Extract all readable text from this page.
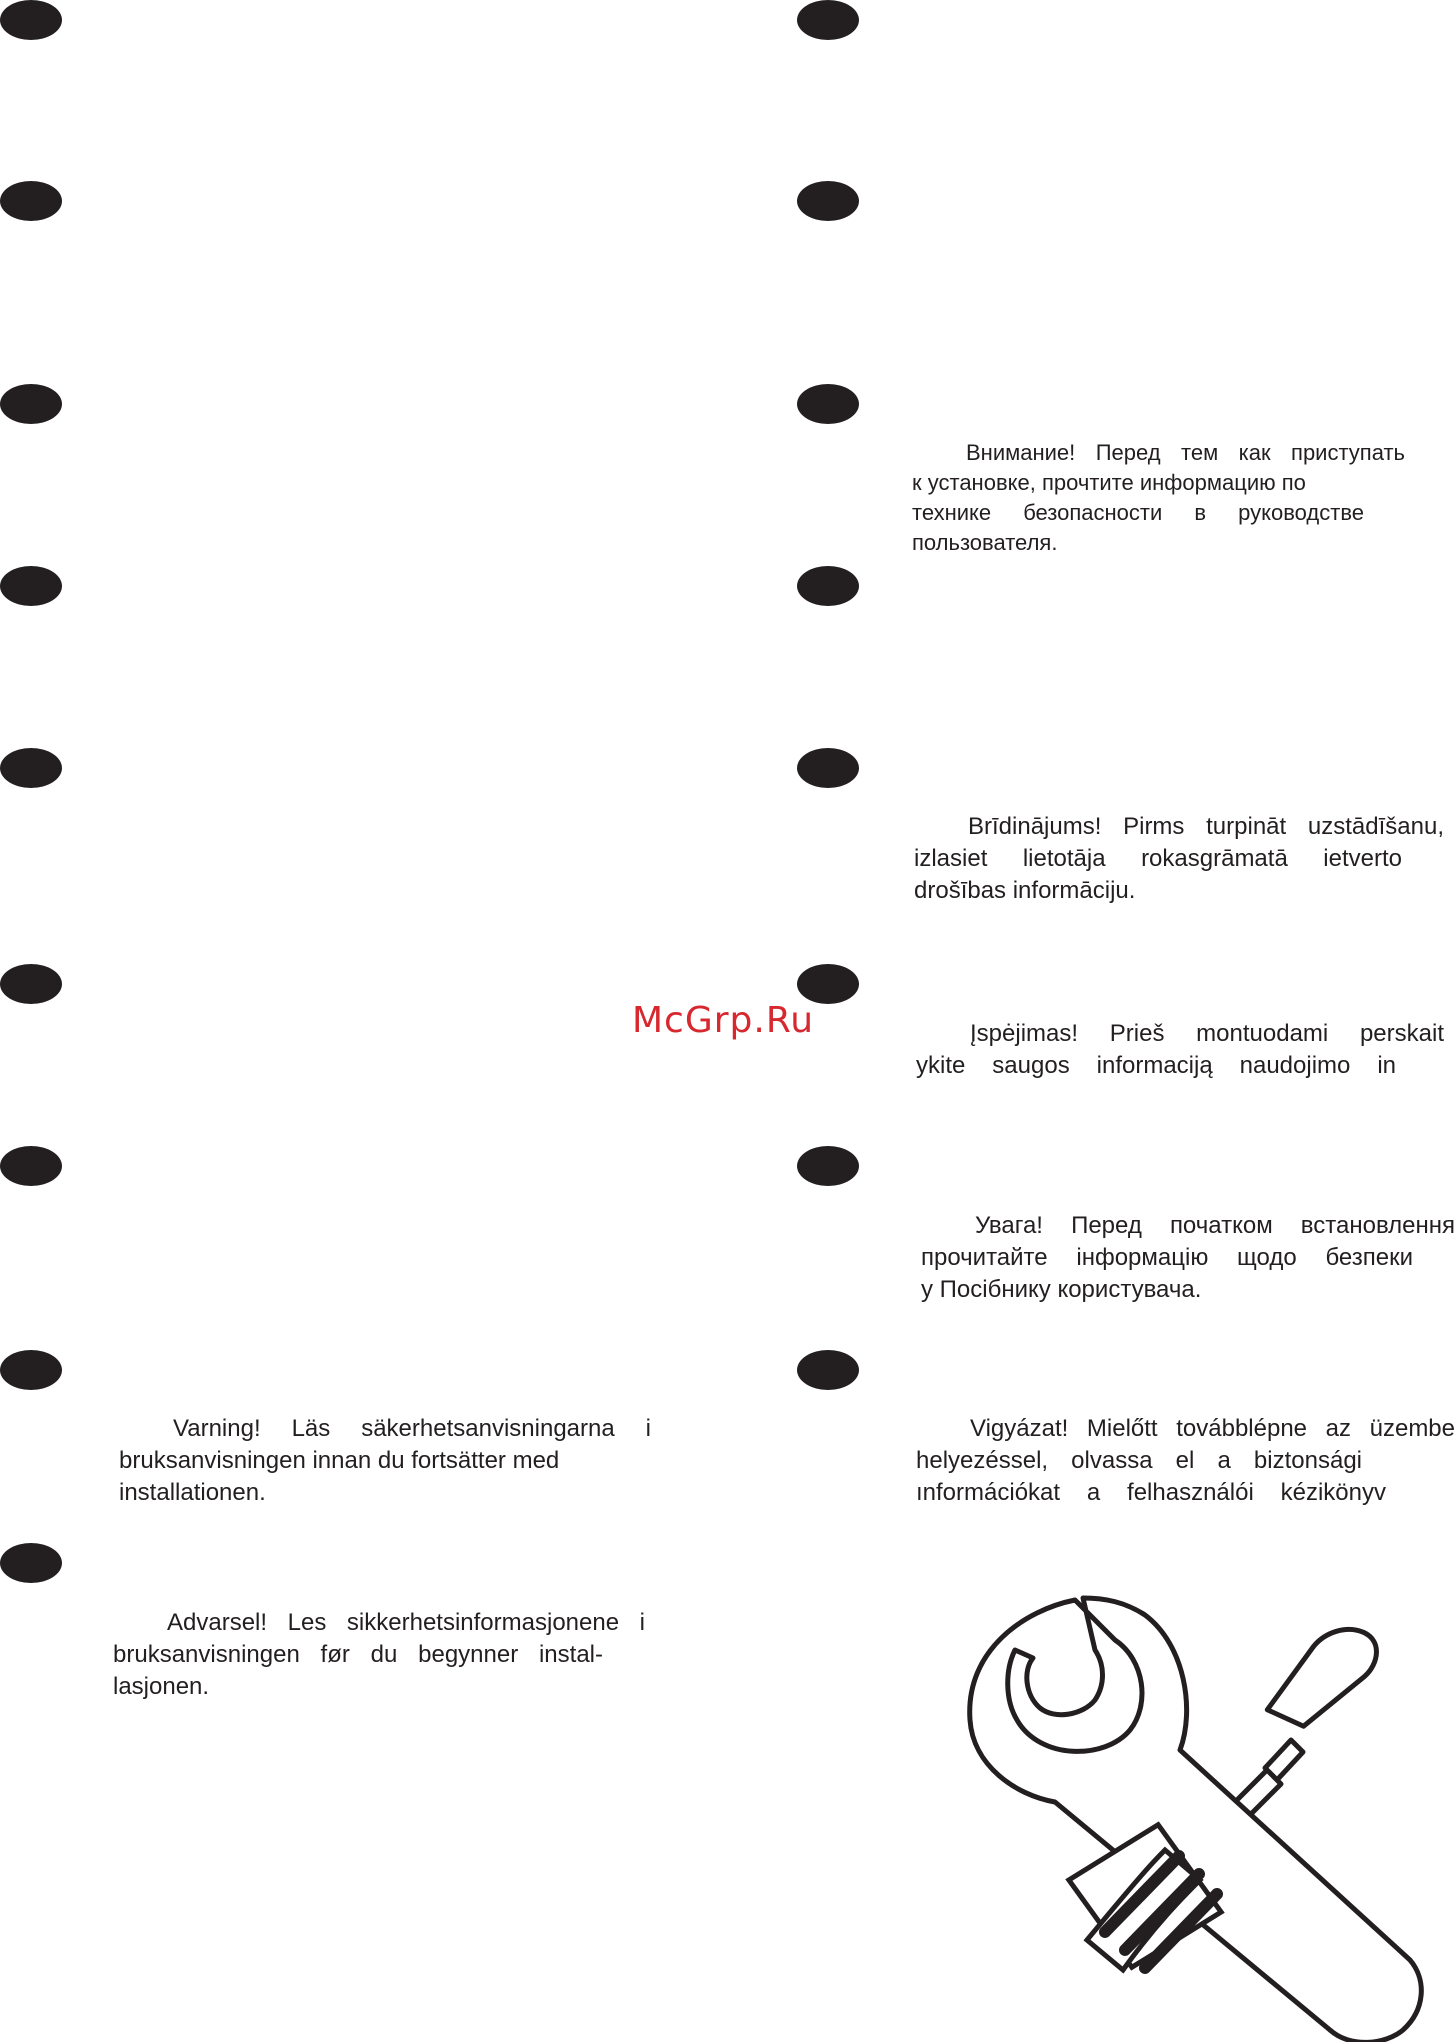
Внимание! Перед тем как приступать
к установке, прочтите информацию по
технике безопасности в руководстве
пользователя.
Brīdinājums! Pirms turpināt uzstādīšanu,
izlasiet lietotāja rokasgrāmatā ietverto
drošības informāciju.
Įspėjimas! Prieš montuodami perskait
ykite saugos informaciją naudojimo in
Увага! Перед початком встановлення
прочитайте інформацію щодо безпеки
у Посібнику користувача.
Vigyázat! Mielőtt továbblépne az üzembe
helyezéssel, olvassa el a biztonsági
ınformációkat a felhasználói kézikönyv
Varning! Läs säkerhetsanvisningarna i
bruksanvisningen innan du fortsätter med
installationen.
Advarsel! Les sikkerhetsinformasjonene i
bruksanvisningen før du begynner instal-
lasjonen.
McGrp.Ru
